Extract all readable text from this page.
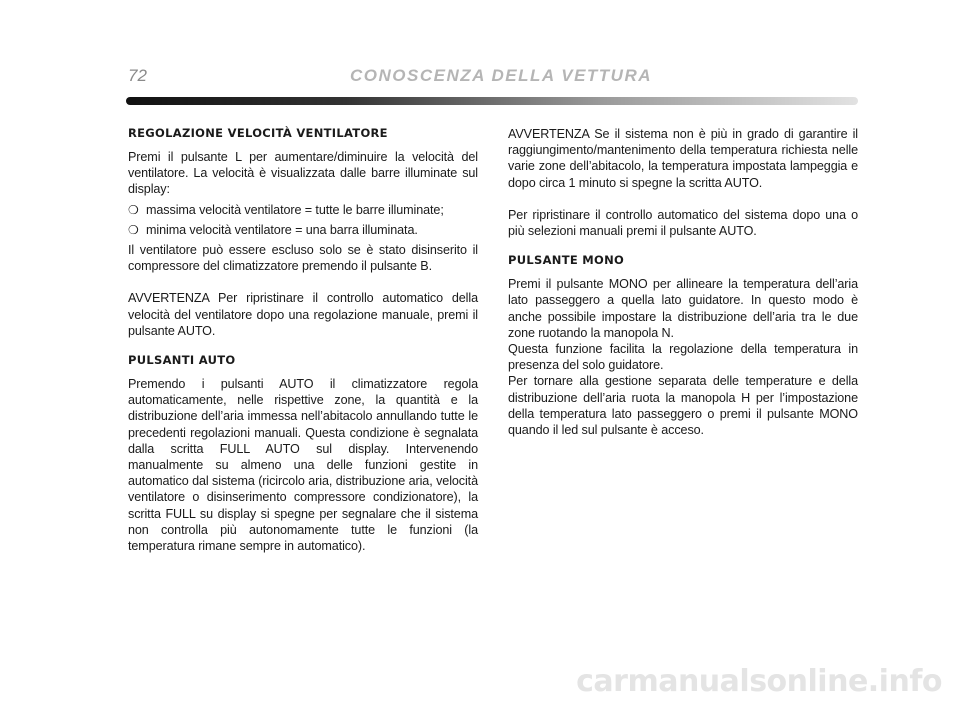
72	CONOSCENZA DELLA VETTURA
REGOLAZIONE VELOCITÀ VENTILATORE

Premi il pulsante L per aumentare/diminuire la velocità del ventilatore. La velocità è visualizzata dalle barre illuminate sul display:

❍ massima velocità ventilatore = tutte le barre illuminate;
❍ minima velocità ventilatore = una barra illuminata.

Il ventilatore può essere escluso solo se è stato disinserito il compressore del climatizzatore premendo il pulsante B.

AVVERTENZA Per ripristinare il controllo automatico della velocità del ventilatore dopo una regolazione manuale, premi il pulsante AUTO.

PULSANTI AUTO

Premendo i pulsanti AUTO il climatizzatore regola automaticamente, nelle rispettive zone, la quantità e la distribuzione dell’aria immessa nell’abitacolo annullando tutte le precedenti regolazioni manuali. Questa condizione è segnalata dalla scritta FULL AUTO sul display. Intervenendo manualmente su almeno una delle funzioni gestite in automatico dal sistema (ricircolo aria, distribuzione aria, velocità ventilatore o disinserimento compressore condizionatore), la scritta FULL su display si spegne per segnalare che il sistema non controlla più autonomamente tutte le funzioni (la temperatura rimane sempre in automatico).

AVVERTENZA Se il sistema non è più in grado di garantire il raggiungimento/mantenimento della temperatura richiesta nelle varie zone dell’abitacolo, la temperatura impostata lampeggia e dopo circa 1 minuto si spegne la scritta AUTO.

Per ripristinare il controllo automatico del sistema dopo una o più selezioni manuali premi il pulsante AUTO.

PULSANTE MONO

Premi il pulsante MONO per allineare la temperatura dell’aria lato passeggero a quella lato guidatore. In questo modo è anche possibile impostare la distribuzione dell’aria tra le due zone ruotando la manopola N.

Questa funzione facilita la regolazione della temperatura in presenza del solo guidatore.

Per tornare alla gestione separata delle temperature e della distribuzione dell’aria ruota la manopola H per l’impostazione della temperatura lato passeggero o premi il pulsante MONO quando il led sul pulsante è acceso.

carmanualsonline.info
